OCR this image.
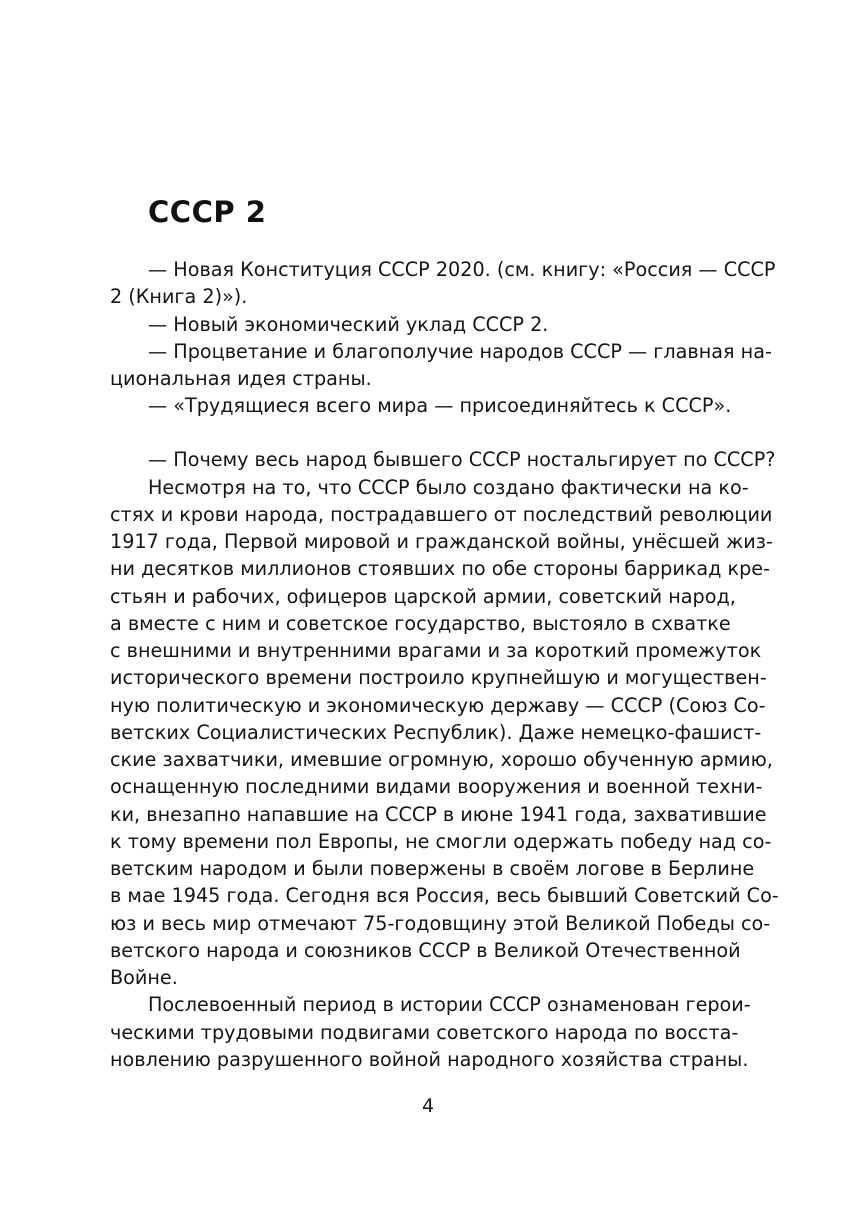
СССР 2

— Новая Конституция СССР 2020. (см. книгу: «Россия — СССР

2 (Книга 2)»).

— Новый экономический уклад СССР 2.

— Процветание и благополучие народов СССР — главная на-

циональная идея страны.

— «Трудящиеся всего мира — присоединяйтесь к СССР».

— Почему весь народ бывшего СССР ностальгирует по СССР?

Несмотря на то, что СССР было создано фактически на ко-

стях и крови народа, пострадавшего от последствий революции

1917 года, Первой мировой и гражданской войны, унёсшей жиз-

ни десятков миллионов стоявших по обе стороны баррикад кре-

стьян и рабочих, офицеров царской армии, советский народ,

а вместе с ним и советское государство, выстояло в схватке

с внешними и внутренними врагами и за короткий промежуток

исторического времени построило крупнейшую и могуществен-

ную политическую и экономическую державу — СССР (Союз Со-

ветских Социалистических Республик). Даже немецко-фашист-

ские захватчики, имевшие огромную, хорошо обученную армию,

оснащенную последними видами вооружения и военной техни-

ки, внезапно напавшие на СССР в июне 1941 года, захватившие

к тому времени пол Европы, не смогли одержать победу над со-

ветским народом и были повержены в своём логове в Берлине

в мае 1945 года. Сегодня вся Россия, весь бывший Советский Со-

юз и весь мир отмечают 75-годовщину этой Великой Победы со-

ветского народа и союзников СССР в Великой Отечественной

Войне.

Послевоенный период в истории СССР ознаменован герои-

ческими трудовыми подвигами советского народа по восста-

новлению разрушенного войной народного хозяйства страны.

4
